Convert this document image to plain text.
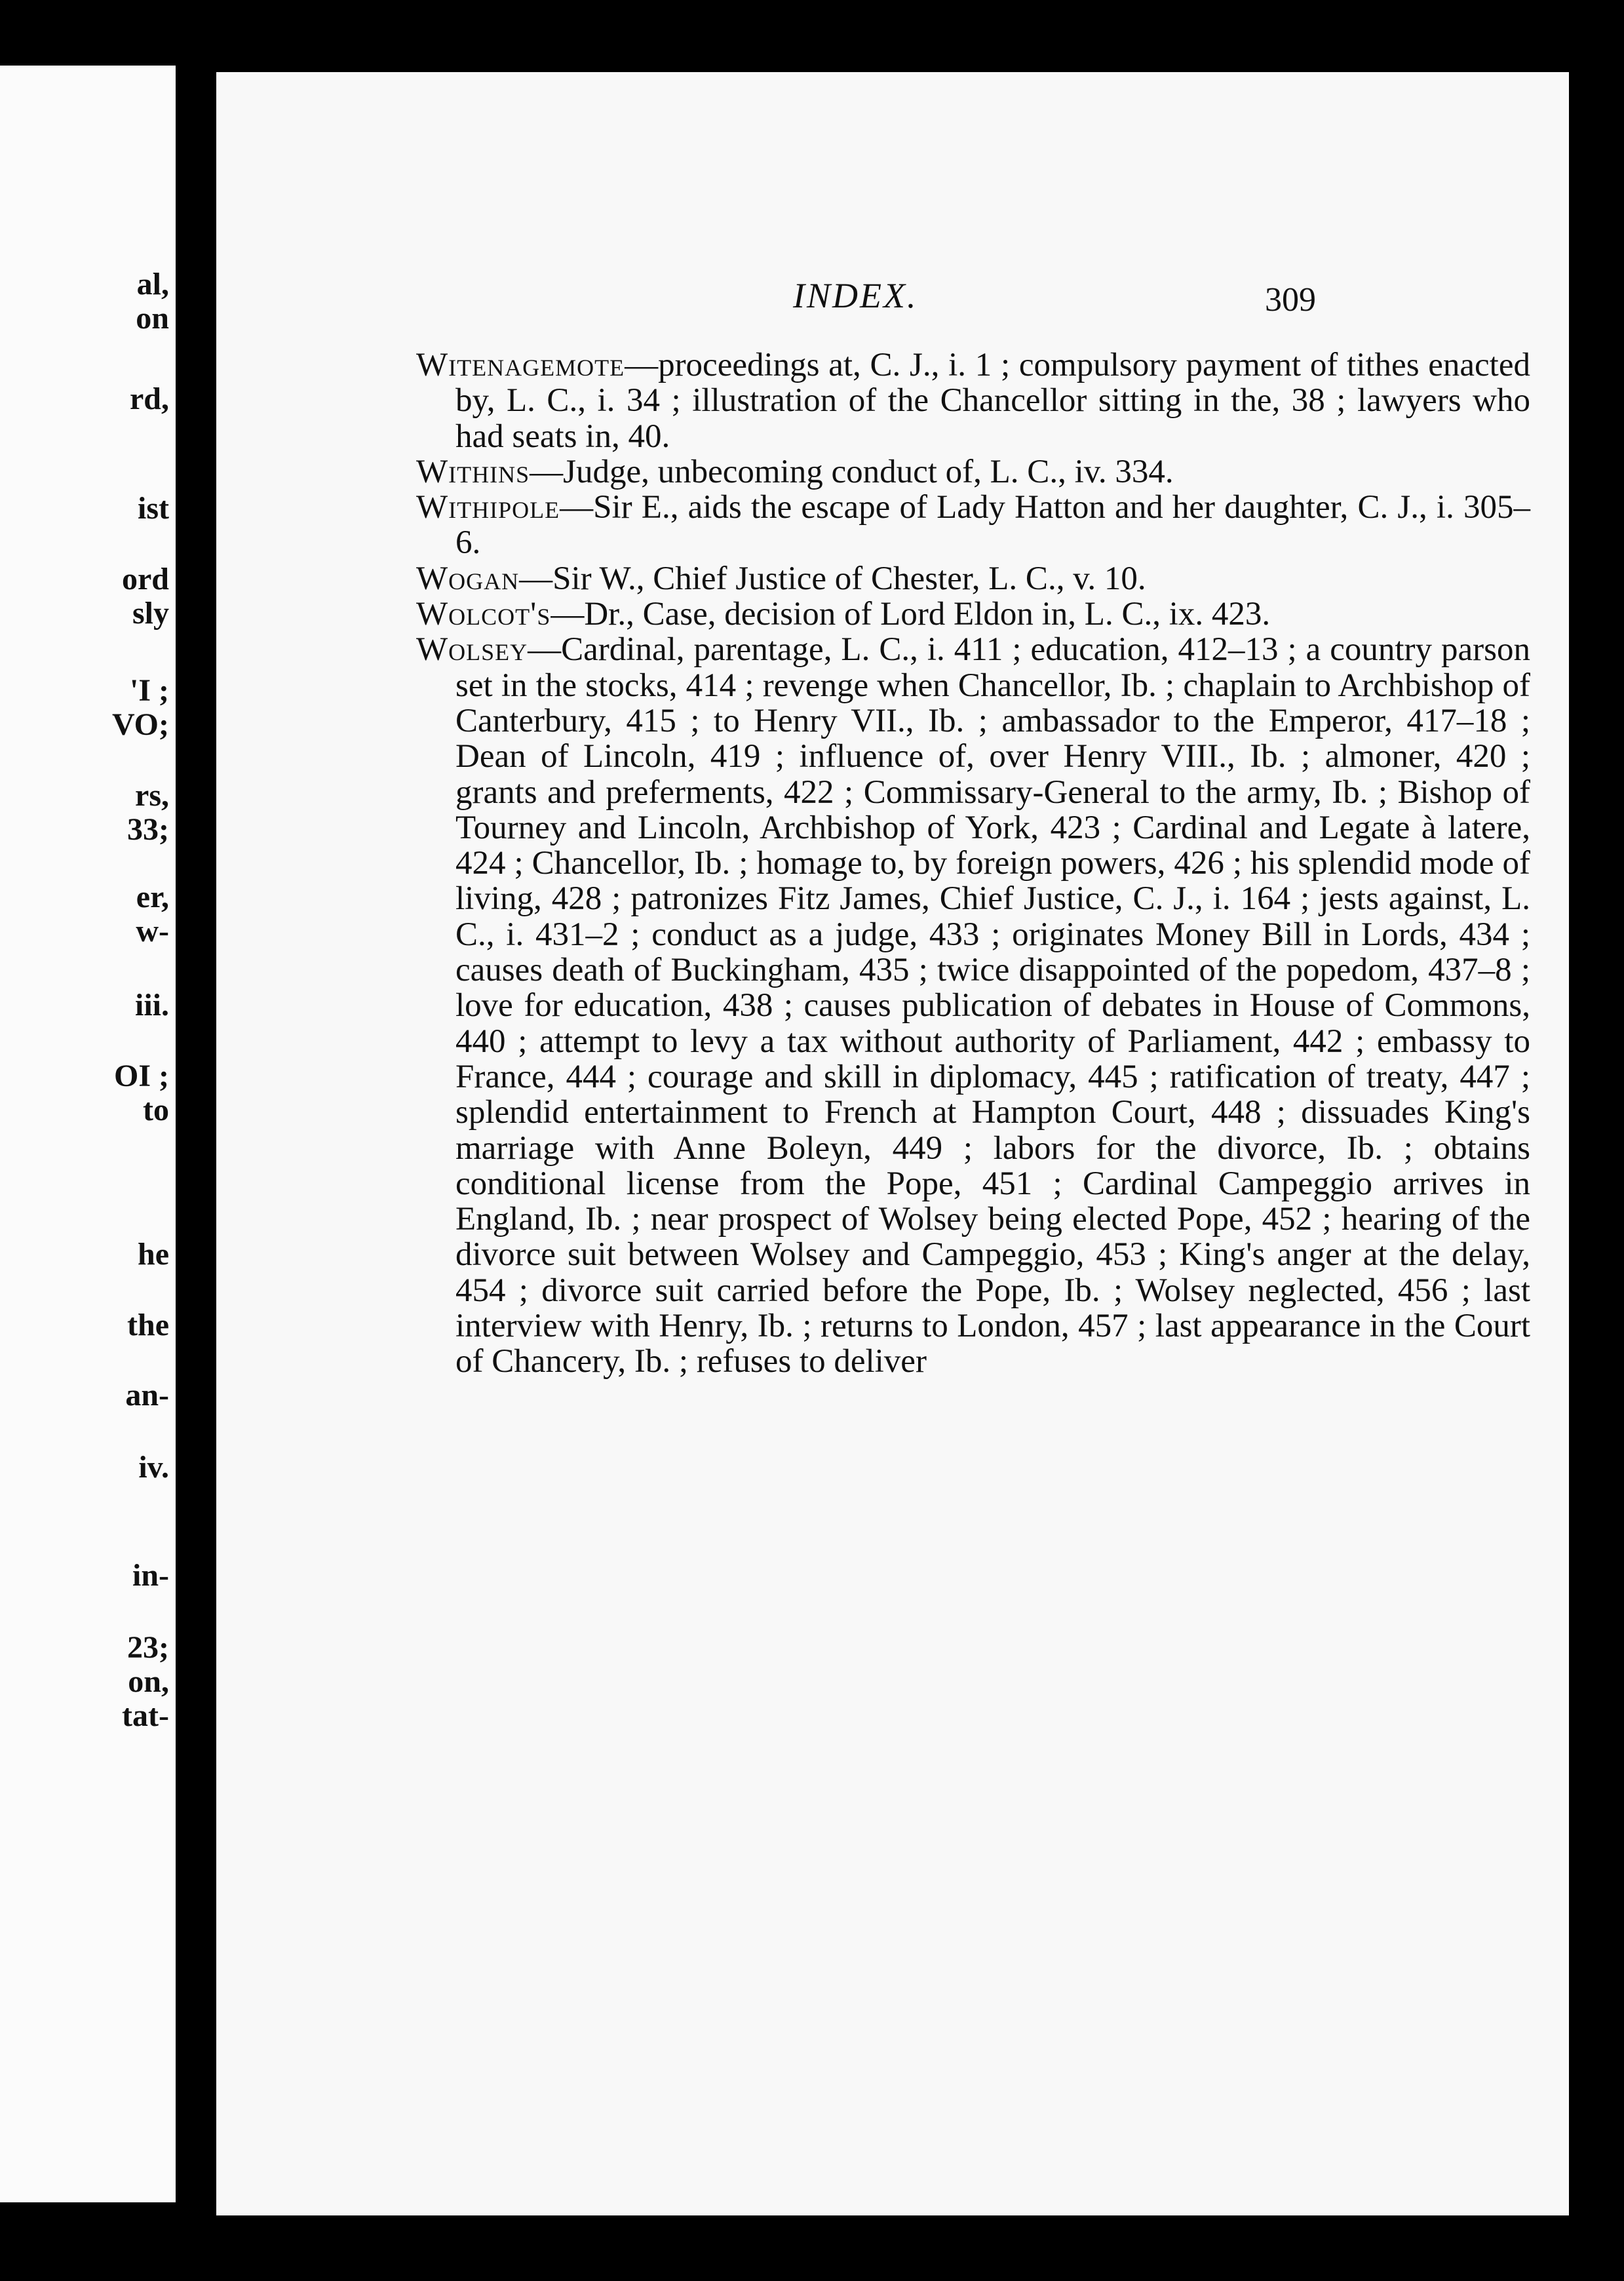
al,
on
rd,
ist
ord
sly
'I ;
VO;
rs,
33;
er,
w-
iii.
OI ;
to
he
the
an-
iv.
in-
23;
on,
tat-
INDEX.	309

Witenagemote—proceedings at, C. J., i. 1 ; compulsory payment of tithes enacted by, L. C., i. 34 ; illustration of the Chancellor sitting in the, 38 ; lawyers who had seats in, 40.

Withins—Judge, unbecoming conduct of, L. C., iv. 334.

Withipole—Sir E., aids the escape of Lady Hatton and her daughter, C. J., i. 305–6.

Wogan—Sir W., Chief Justice of Chester, L. C., v. 10.

Wolcot's—Dr., Case, decision of Lord Eldon in, L. C., ix. 423.

Wolsey—Cardinal, parentage, L. C., i. 411 ; education, 412–13 ; a country parson set in the stocks, 414 ; revenge when Chancellor, Ib. ; chaplain to Archbishop of Canterbury, 415 ; to Henry VII., Ib. ; ambassador to the Emperor, 417–18 ; Dean of Lincoln, 419 ; influence of, over Henry VIII., Ib. ; almoner, 420 ; grants and preferments, 422 ; Commissary-General to the army, Ib. ; Bishop of Tourney and Lincoln, Archbishop of York, 423 ; Cardinal and Legate à latere, 424 ; Chancellor, Ib. ; homage to, by foreign powers, 426 ; his splendid mode of living, 428 ; patronizes Fitz James, Chief Justice, C. J., i. 164 ; jests against, L. C., i. 431–2 ; conduct as a judge, 433 ; originates Money Bill in Lords, 434 ; causes death of Buckingham, 435 ; twice disappointed of the popedom, 437–8 ; love for education, 438 ; causes publication of debates in House of Commons, 440 ; attempt to levy a tax without authority of Parliament, 442 ; embassy to France, 444 ; courage and skill in diplomacy, 445 ; ratification of treaty, 447 ; splendid entertainment to French at Hampton Court, 448 ; dissuades King's marriage with Anne Boleyn, 449 ; labors for the divorce, Ib. ; obtains conditional license from the Pope, 451 ; Cardinal Campeggio arrives in England, Ib. ; near prospect of Wolsey being elected Pope, 452 ; hearing of the divorce suit between Wolsey and Campeggio, 453 ; King's anger at the delay, 454 ; divorce suit carried before the Pope, Ib. ; Wolsey neglected, 456 ; last interview with Henry, Ib. ; returns to London, 457 ; last appearance in the Court of Chancery, Ib. ; refuses to deliver
